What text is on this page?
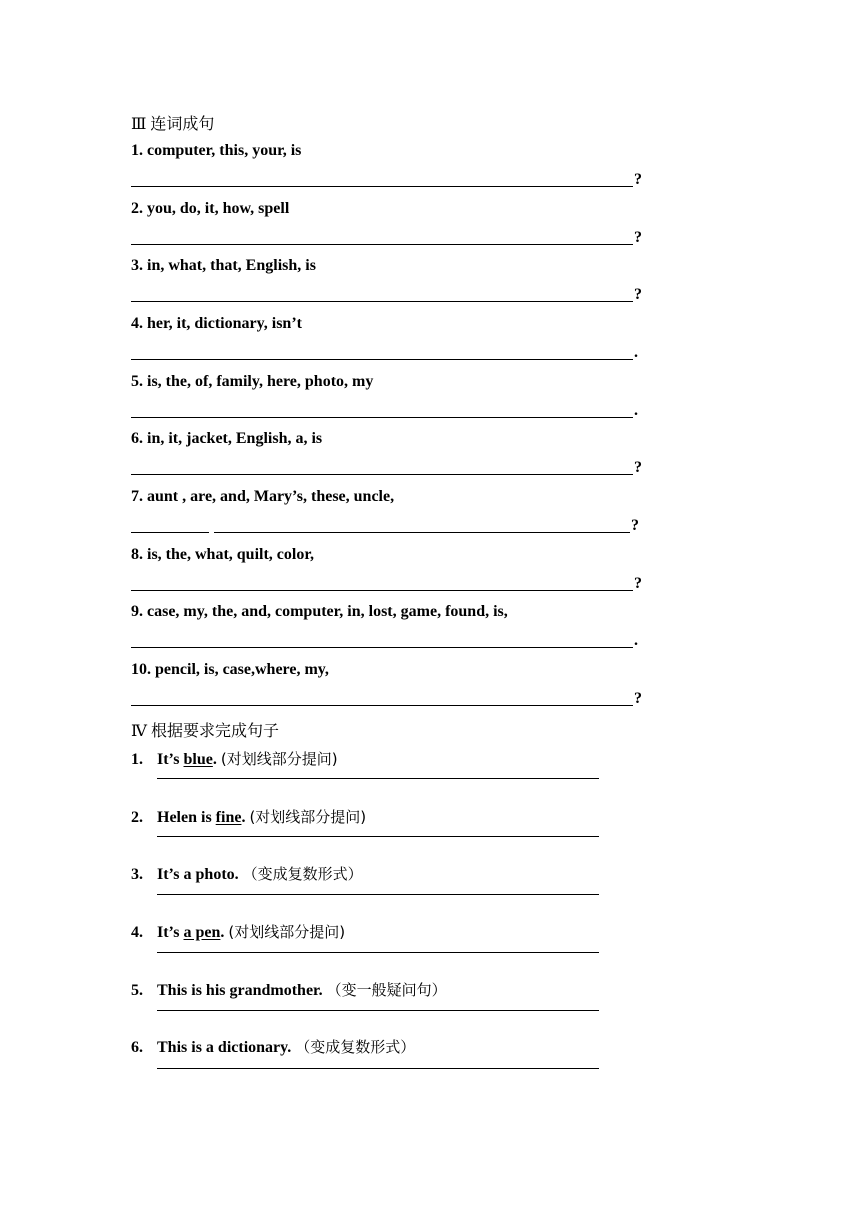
Ⅲ 连词成句
1. computer, this, your, is
?
2. you, do, it, how, spell
?
3. in, what, that, English, is
?
4. her, it, dictionary, isn’t
.
5. is, the, of, family, here, photo, my
.
6. in, it, jacket, English, a, is
?
7. aunt , are, and, Mary’s, these, uncle,
?
8. is, the, what, quilt, color,
?
9. case, my, the, and, computer, in, lost, game, found, is,
.
10. pencil, is, case,where, my,
?
Ⅳ 根据要求完成句子
1. It’s blue. (对划线部分提问)
2. Helen is fine. (对划线部分提问)
3. It’s a photo. （变成复数形式）
4. It’s a pen. (对划线部分提问)
5. This is his grandmother. （变一般疑问句）
6. This is a dictionary. （变成复数形式）
